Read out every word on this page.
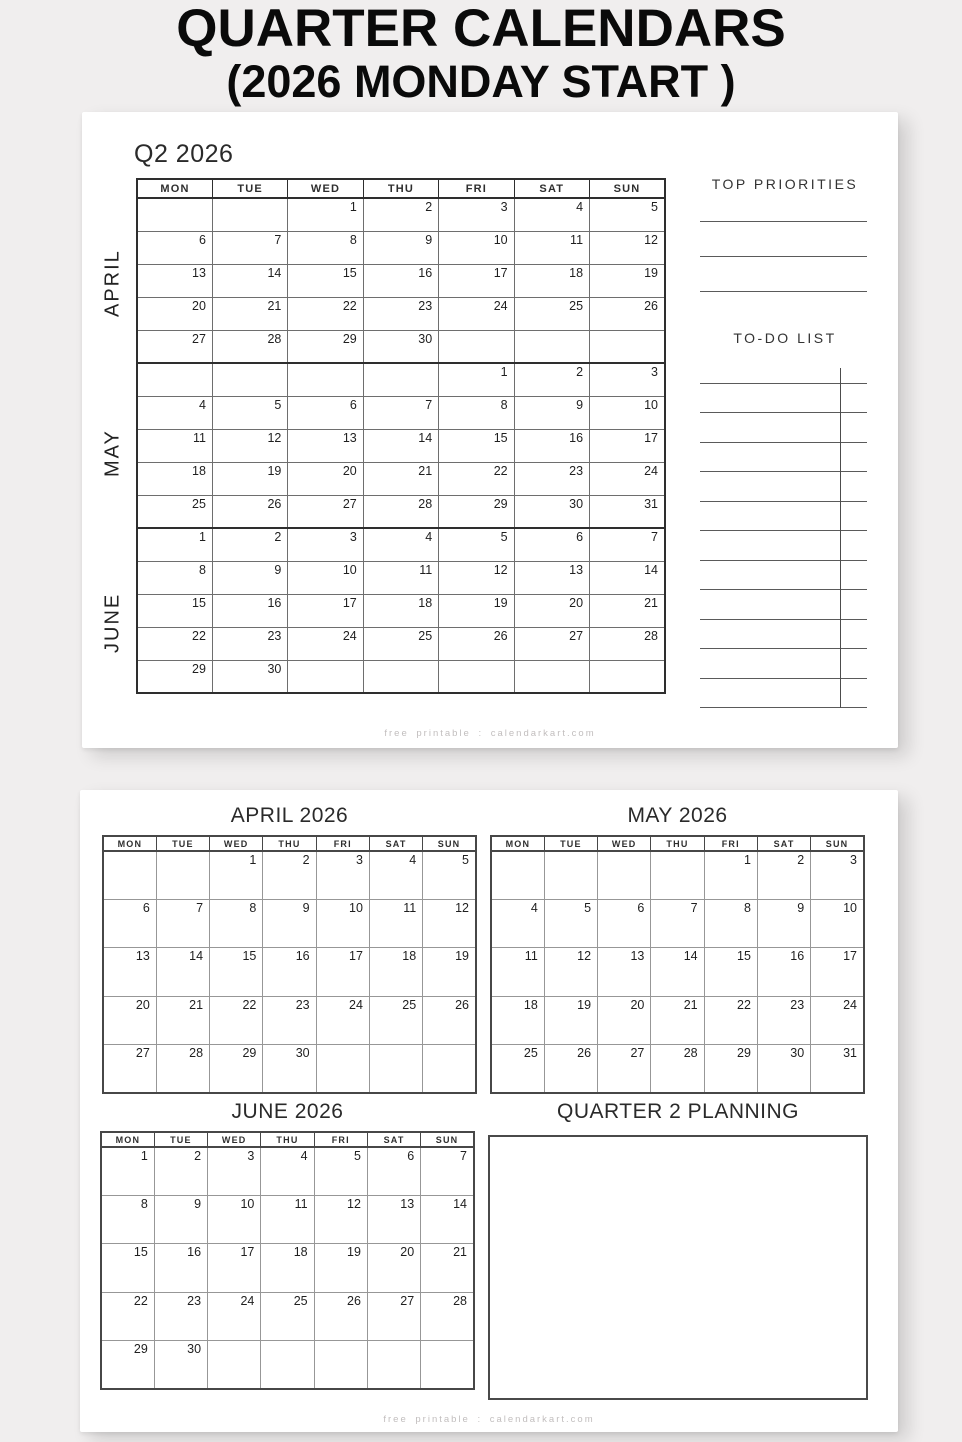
QUARTER CALENDARS
(2026 MONDAY START )
Q2 2026
APRIL
MAY
JUNE
MON	TUE	WED	THU	FRI	SAT	SUN
		1	2	3	4	5
6	7	8	9	10	11	12
13	14	15	16	17	18	19
20	21	22	23	24	25	26
27	28	29	30			
				1	2	3
4	5	6	7	8	9	10
11	12	13	14	15	16	17
18	19	20	21	22	23	24
25	26	27	28	29	30	31
1	2	3	4	5	6	7
8	9	10	11	12	13	14
15	16	17	18	19	20	21
22	23	24	25	26	27	28
29	30					
TOP PRIORITIES
TO-DO LIST
free printable : calendarkart.com
APRIL 2026	MAY 2026
JUNE 2026	QUARTER 2 PLANNING
MON	TUE	WED	THU	FRI	SAT	SUN
		1	2	3	4	5
6	7	8	9	10	11	12
13	14	15	16	17	18	19
20	21	22	23	24	25	26
27	28	29	30			
MON	TUE	WED	THU	FRI	SAT	SUN
				1	2	3
4	5	6	7	8	9	10
11	12	13	14	15	16	17
18	19	20	21	22	23	24
25	26	27	28	29	30	31
MON	TUE	WED	THU	FRI	SAT	SUN
1	2	3	4	5	6	7
8	9	10	11	12	13	14
15	16	17	18	19	20	21
22	23	24	25	26	27	28
29	30					
free printable : calendarkart.com
